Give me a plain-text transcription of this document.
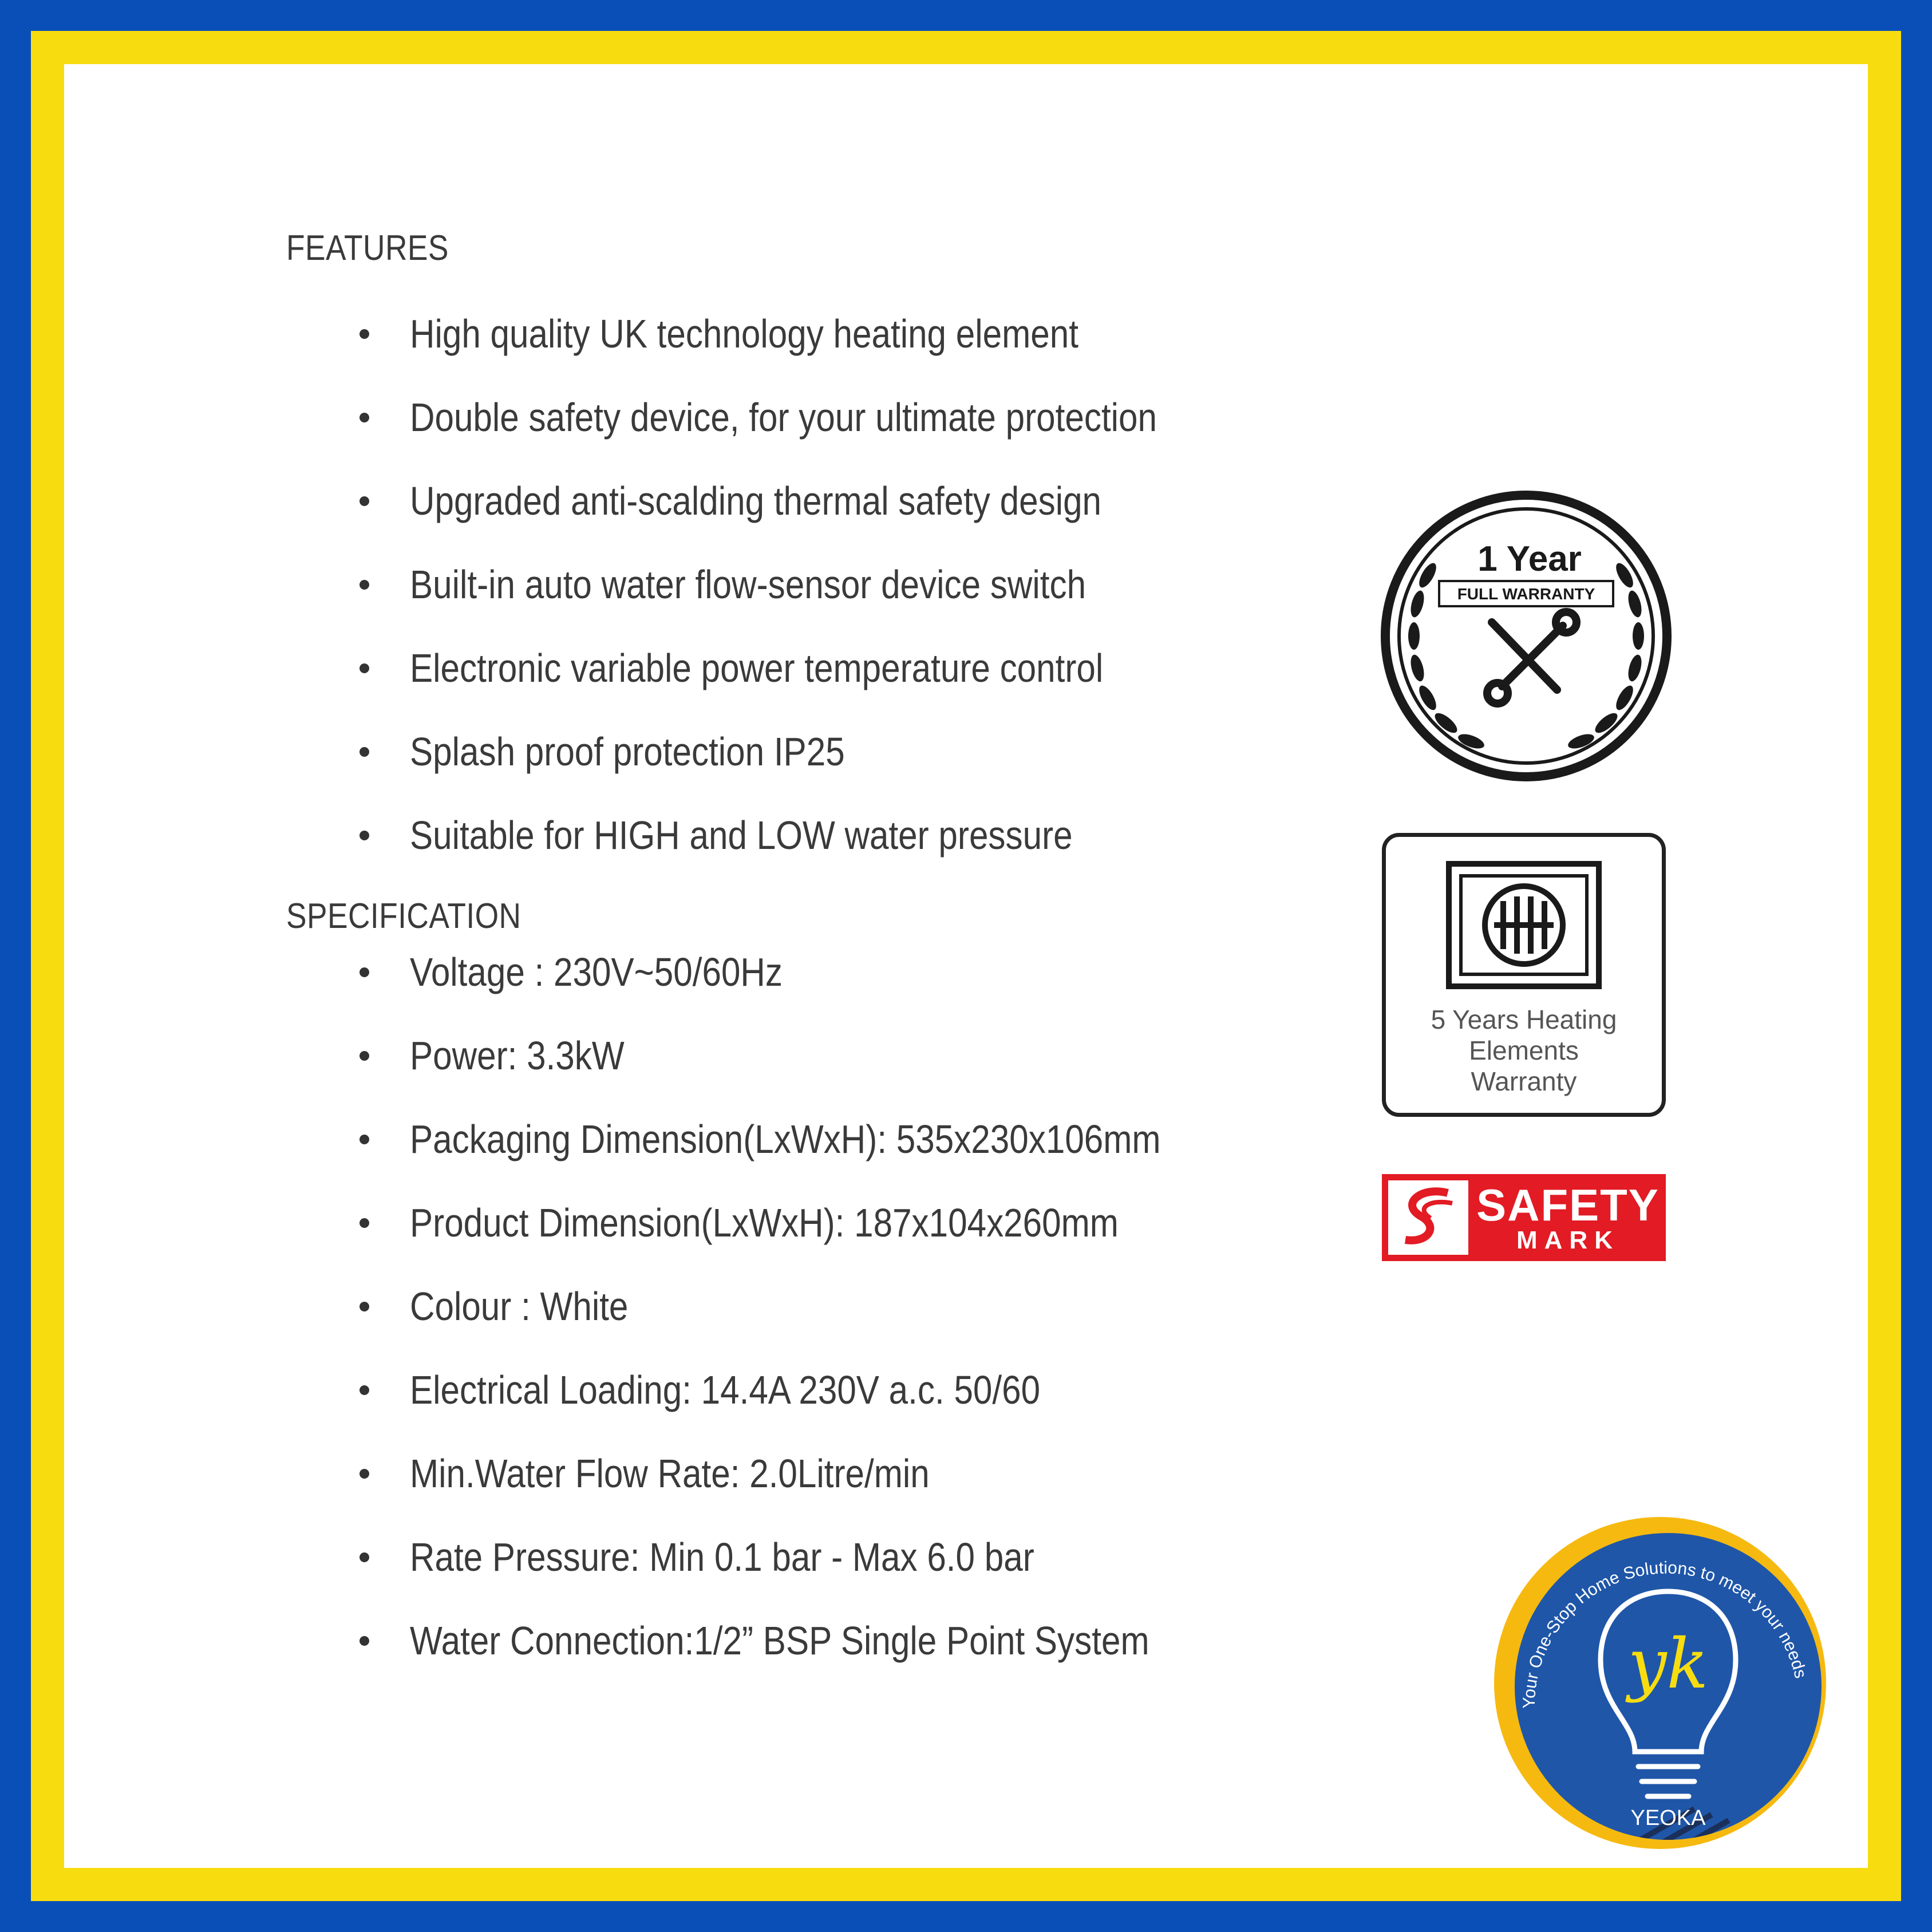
FEATURES
High quality UK technology heating element
Double safety device, for your ultimate protection
Upgraded anti-scalding thermal safety design
Built-in auto water flow-sensor device switch
Electronic variable power temperature control
Splash proof protection IP25
Suitable for HIGH and LOW water pressure
SPECIFICATION
Voltage : 230V~50/60Hz
Power: 3.3kW
Packaging Dimension(LxWxH): 535x230x106mm
Product Dimension(LxWxH): 187x104x260mm
Colour : White
Electrical Loading: 14.4A 230V a.c. 50/60
Min.Water Flow Rate: 2.0Litre/min
Rate Pressure: Min 0.1 bar - Max 6.0 bar
Water Connection:1/2” BSP Single Point System
1 Year
FULL WARRANTY
5 Years Heating
Elements
Warranty
SAFETY
MARK
Your One-Stop Home Solutions to meet your needs
yk
YEOKA
